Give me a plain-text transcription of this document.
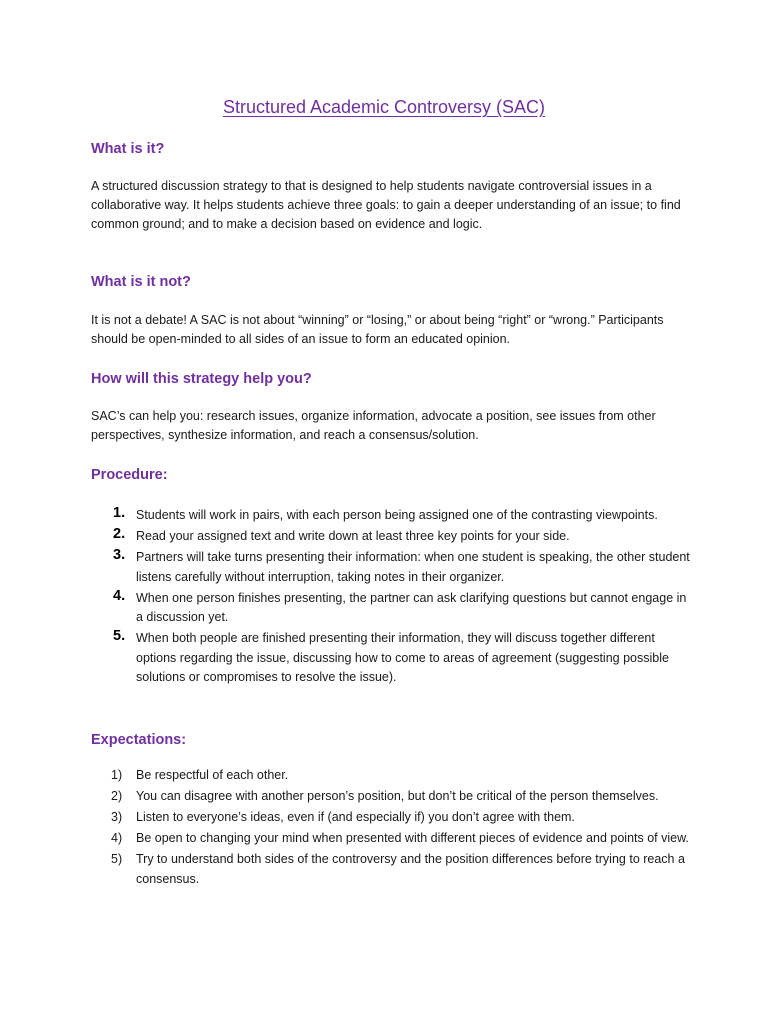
Structured Academic Controversy (SAC)
What is it?

A structured discussion strategy to that is designed to help students navigate controversial issues in a collaborative way. It helps students achieve three goals: to gain a deeper understanding of an issue; to find common ground; and to make a decision based on evidence and logic.

What is it not?

It is not a debate! A SAC is not about “winning” or “losing,” or about being “right” or “wrong.” Participants should be open-minded to all sides of an issue to form an educated opinion.

How will this strategy help you?

SAC’s can help you: research issues, organize information, advocate a position, see issues from other perspectives, synthesize information, and reach a consensus/solution.

Procedure:
1. Students will work in pairs, with each person being assigned one of the contrasting viewpoints.
2. Read your assigned text and write down at least three key points for your side.
3. Partners will take turns presenting their information: when one student is speaking, the other student listens carefully without interruption, taking notes in their organizer.
4. When one person finishes presenting, the partner can ask clarifying questions but cannot engage in a discussion yet.
5. When both people are finished presenting their information, they will discuss together different options regarding the issue, discussing how to come to areas of agreement (suggesting possible solutions or compromises to resolve the issue).
Expectations:
1) Be respectful of each other.
2) You can disagree with another person’s position, but don’t be critical of the person themselves.
3) Listen to everyone’s ideas, even if (and especially if) you don’t agree with them.
4) Be open to changing your mind when presented with different pieces of evidence and points of view.
5) Try to understand both sides of the controversy and the position differences before trying to reach a consensus.
